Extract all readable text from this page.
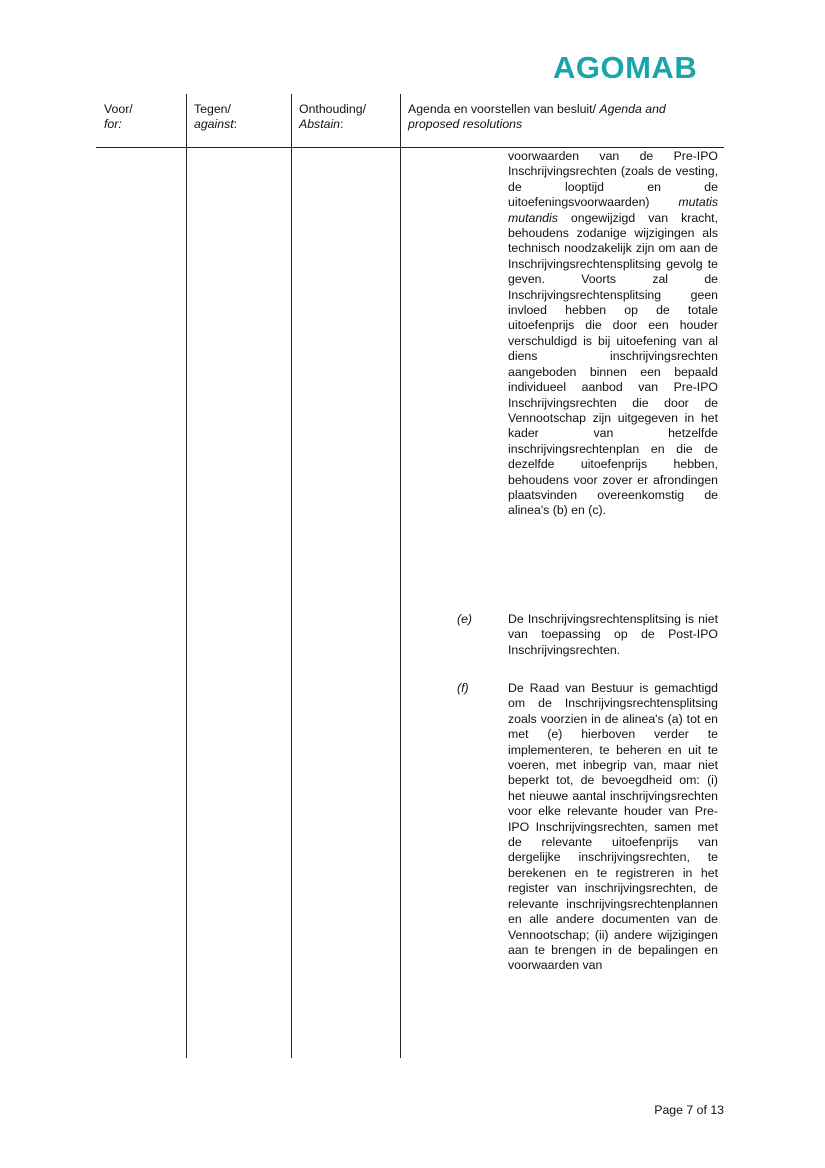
AGOMAB
Voor/
for:
Tegen/
against:
Onthouding/
Abstain:
Agenda en voorstellen van besluit/ Agenda and proposed resolutions
voorwaarden van de Pre-IPO Inschrijvingsrechten (zoals de vesting, de looptijd en de uitoefeningsvoorwaarden) mutatis mutandis ongewijzigd van kracht, behoudens zodanige wijzigingen als technisch noodzakelijk zijn om aan de Inschrijvingsrechtensplitsing gevolg te geven. Voorts zal de Inschrijvingsrechtensplitsing geen invloed hebben op de totale uitoefenprijs die door een houder verschuldigd is bij uitoefening van al diens inschrijvingsrechten aangeboden binnen een bepaald individueel aanbod van Pre-IPO Inschrijvingsrechten die door de Vennootschap zijn uitgegeven in het kader van hetzelfde inschrijvingsrechtenplan en die de dezelfde uitoefenprijs hebben, behoudens voor zover er afrondingen plaatsvinden overeenkomstig de alinea's (b) en (c).
(e)	De Inschrijvingsrechtensplitsing is niet van toepassing op de Post-IPO Inschrijvingsrechten.
(f)	De Raad van Bestuur is gemachtigd om de Inschrijvingsrechtensplitsing zoals voorzien in de alinea's (a) tot en met (e) hierboven verder te implementeren, te beheren en uit te voeren, met inbegrip van, maar niet beperkt tot, de bevoegdheid om: (i) het nieuwe aantal inschrijvingsrechten voor elke relevante houder van Pre-IPO Inschrijvingsrechten, samen met de relevante uitoefenprijs van dergelijke inschrijvingsrechten, te berekenen en te registreren in het register van inschrijvingsrechten, de relevante inschrijvingsrechtenplannen en alle andere documenten van de Vennootschap; (ii) andere wijzigingen aan te brengen in de bepalingen en voorwaarden van
Page 7 of 13
